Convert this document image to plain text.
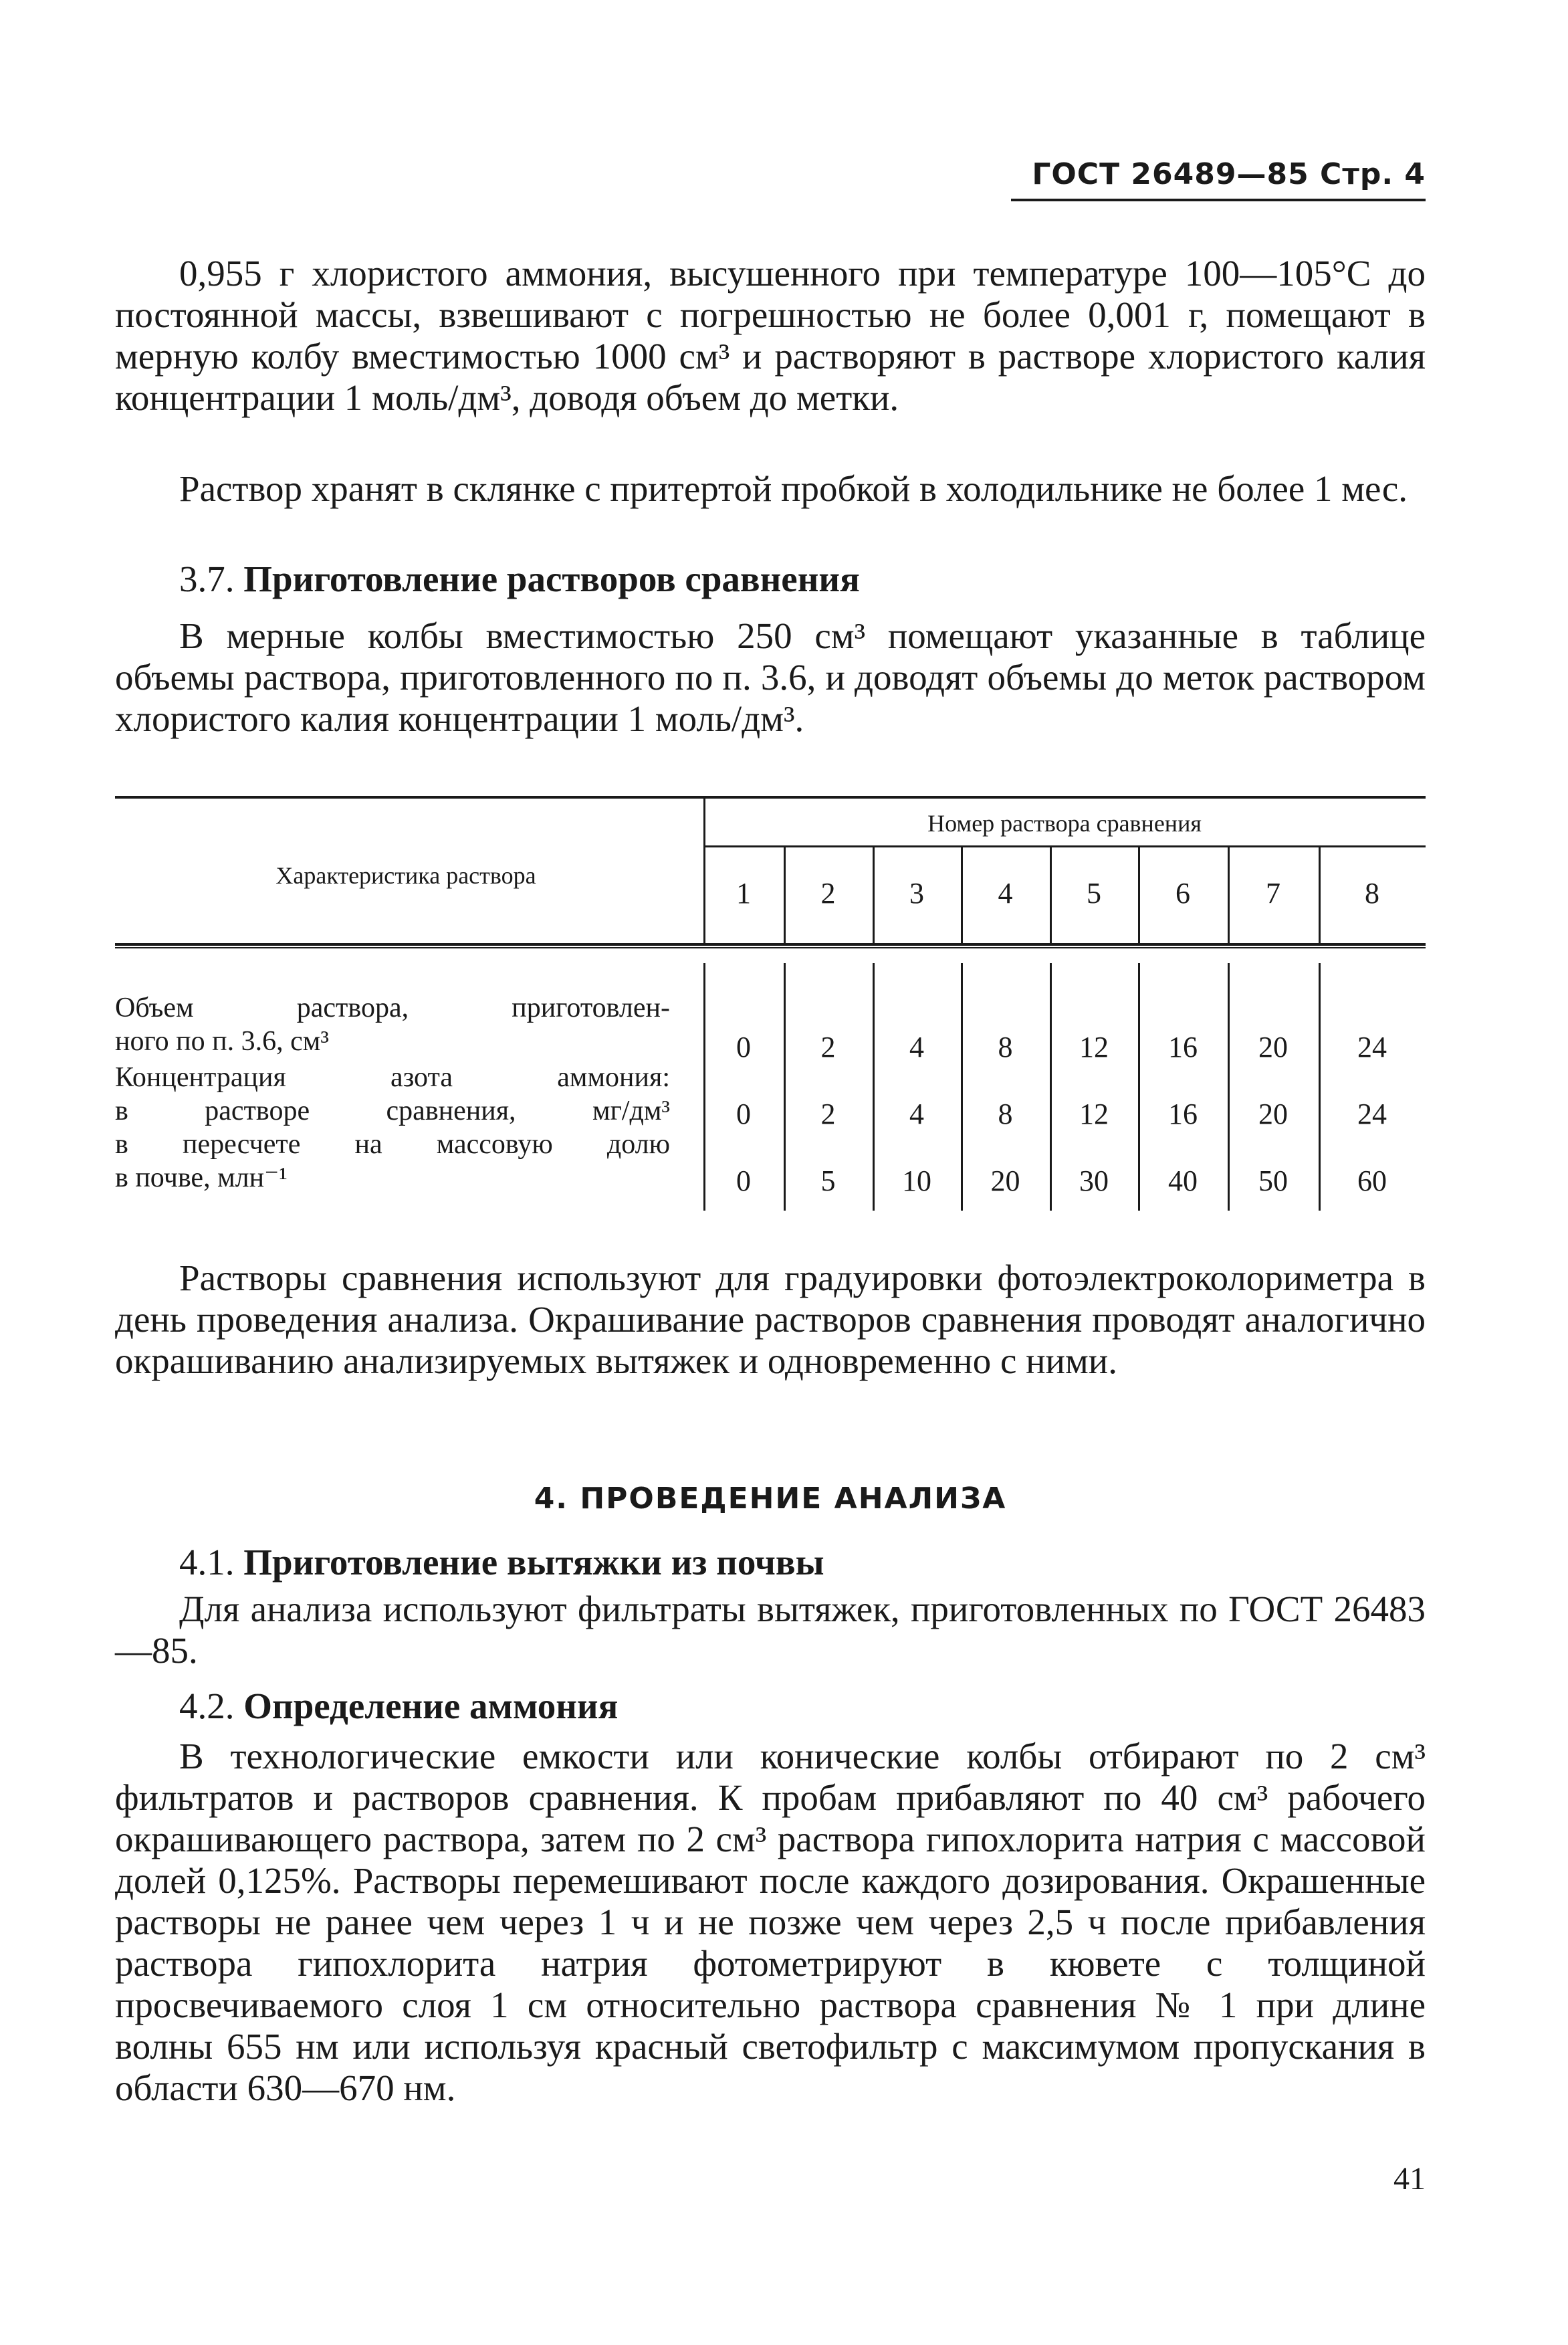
ГОСТ 26489—85 Стр. 4
0,955 г хлористого аммония, высушенного при температуре 100—105°С до постоянной массы, взвешивают с погрешностью не более 0,001 г, помещают в мерную колбу вместимостью 1000 см³ и растворяют в растворе хлористого калия концентрации 1 моль/дм³, доводя объем до метки.
Раствор хранят в склянке с притертой пробкой в холодильнике не более 1 мес.
3.7. Приготовление растворов сравнения
В мерные колбы вместимостью 250 см³ помещают указанные в таблице объемы раствора, приготовленного по п. 3.6, и доводят объемы до меток раствором хлористого калия концентрации 1 моль/дм³.
Характеристика раствора
Номер раствора сравнения
1	2	3	4	5	6	7	8
Объем раствора, приготовлен-
ного по п. 3.6, см³	0	2	4	8	12	16	20	24
Концентрация азота аммония:
в растворе сравнения, мг/дм³	0	2	4	8	12	16	20	24
в пересчете на массовую долю
в почве, млн⁻¹	0	5	10	20	30	40	50	60
Растворы сравнения используют для градуировки фотоэлектроколориметра в день проведения анализа. Окрашивание растворов сравнения проводят аналогично окрашиванию анализируемых вытяжек и одновременно с ними.
4. ПРОВЕДЕНИЕ АНАЛИЗА
4.1. Приготовление вытяжки из почвы
Для анализа используют фильтраты вытяжек, приготовленных по ГОСТ 26483—85.
4.2. Определение аммония
В технологические емкости или конические колбы отбирают по 2 см³ фильтратов и растворов сравнения. К пробам прибавляют по 40 см³ рабочего окрашивающего раствора, затем по 2 см³ раствора гипохлорита натрия с массовой долей 0,125%. Растворы перемешивают после каждого дозирования. Окрашенные растворы не ранее чем через 1 ч и не позже чем через 2,5 ч после прибавления раствора гипохлорита натрия фотометрируют в кювете с толщиной просвечиваемого слоя 1 см относительно раствора сравнения № 1 при длине волны 655 нм или используя красный светофильтр с максимумом пропускания в области 630—670 нм.
41
